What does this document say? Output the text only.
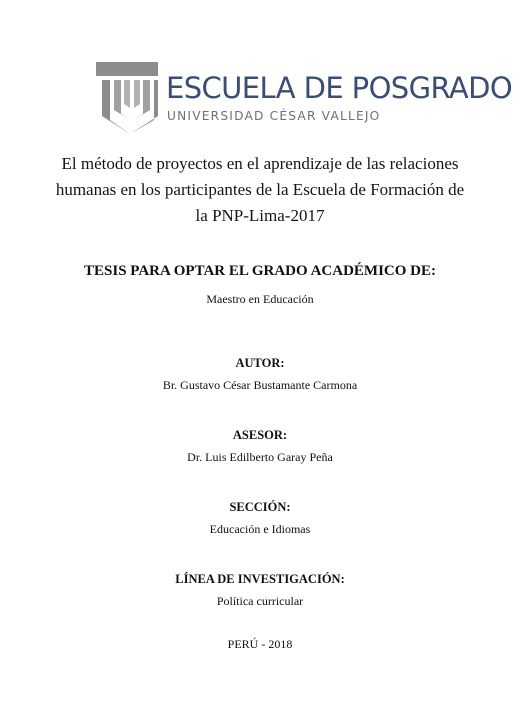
ESCUELA DE POSGRADO
UNIVERSIDAD CÉSAR VALLEJO
El método de proyectos en el aprendizaje de las relaciones
humanas en los participantes de la Escuela de Formación de
la PNP-Lima-2017
TESIS PARA OPTAR EL GRADO ACADÉMICO DE:
Maestro en Educación
AUTOR:
Br. Gustavo César Bustamante Carmona
ASESOR:
Dr. Luis Edilberto Garay Peña
SECCIÓN:
Educación e Idiomas
LÍNEA DE INVESTIGACIÓN:
Política curricular
PERÚ - 2018
